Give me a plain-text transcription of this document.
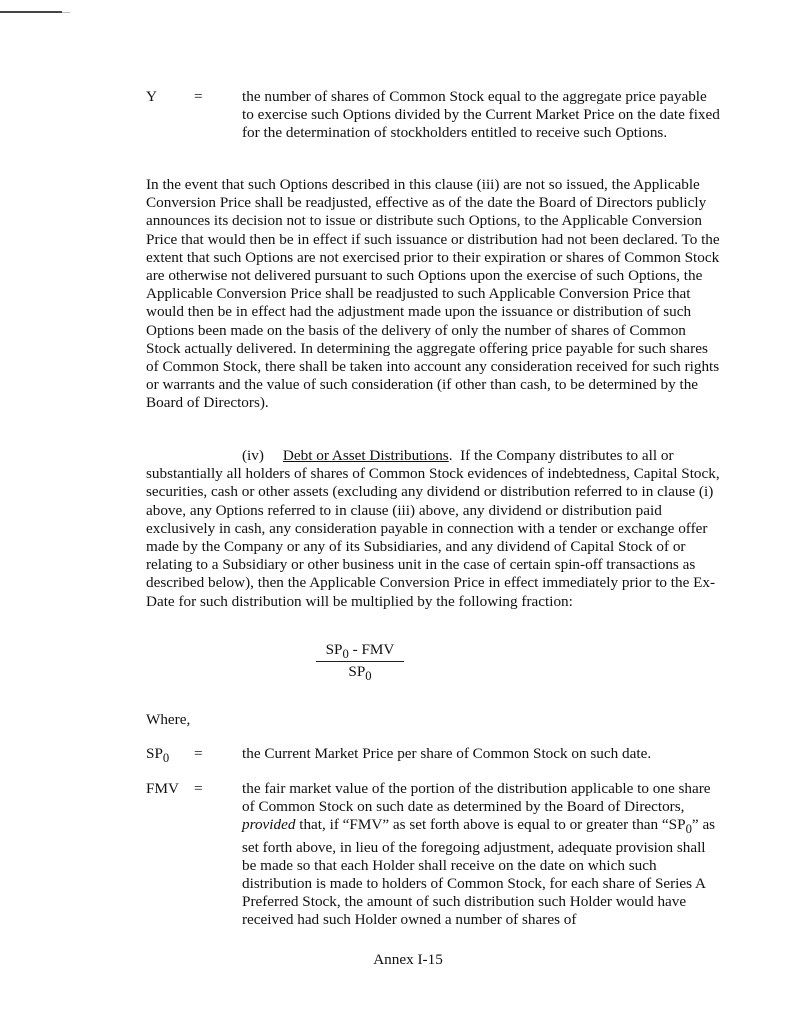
Y =	the number of shares of Common Stock equal to the aggregate price payable to exercise such Options divided by the Current Market Price on the date fixed for the determination of stockholders entitled to receive such Options.

In the event that such Options described in this clause (iii) are not so issued, the Applicable Conversion Price shall be readjusted, effective as of the date the Board of Directors publicly announces its decision not to issue or distribute such Options, to the Applicable Conversion Price that would then be in effect if such issuance or distribution had not been declared. To the extent that such Options are not exercised prior to their expiration or shares of Common Stock are otherwise not delivered pursuant to such Options upon the exercise of such Options, the Applicable Conversion Price shall be readjusted to such Applicable Conversion Price that would then be in effect had the adjustment made upon the issuance or distribution of such Options been made on the basis of the delivery of only the number of shares of Common Stock actually delivered. In determining the aggregate offering price payable for such shares of Common Stock, there shall be taken into account any consideration received for such rights or warrants and the value of such consideration (if other than cash, to be determined by the Board of Directors).

(iv) Debt or Asset Distributions. If the Company distributes to all or substantially all holders of shares of Common Stock evidences of indebtedness, Capital Stock, securities, cash or other assets (excluding any dividend or distribution referred to in clause (i) above, any Options referred to in clause (iii) above, any dividend or distribution paid exclusively in cash, any consideration payable in connection with a tender or exchange offer made by the Company or any of its Subsidiaries, and any dividend of Capital Stock of or relating to a Subsidiary or other business unit in the case of certain spin-off transactions as described below), then the Applicable Conversion Price in effect immediately prior to the Ex-Date for such distribution will be multiplied by the following fraction:

$SP_0$ - FMV
$SP_0$
Where,
$SP_0$ =	the Current Market Price per share of Common Stock on such date.
FMV =	the fair market value of the portion of the distribution applicable to one share of Common Stock on such date as determined by the Board of Directors, provided that, if “FMV” as set forth above is equal to or greater than “$SP_0$” as set forth above, in lieu of the foregoing adjustment, adequate provision shall be made so that each Holder shall receive on the date on which such distribution is made to holders of Common Stock, for each share of Series A Preferred Stock, the amount of such distribution such Holder would have received had such Holder owned a number of shares of
Annex I-15
